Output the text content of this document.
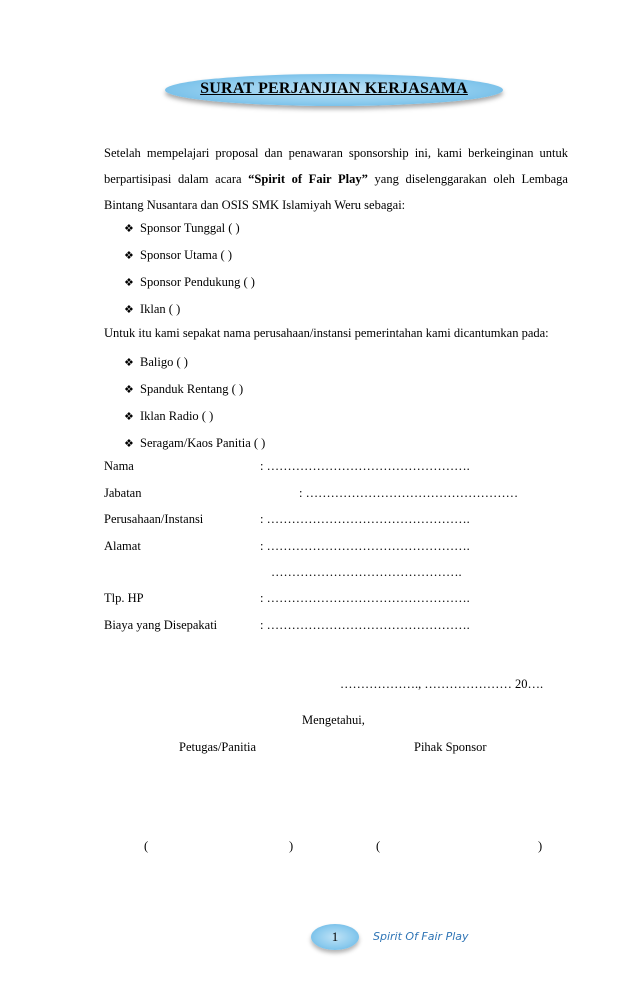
SURAT PERJANJIAN KERJASAMA
Setelah mempelajari proposal dan penawaran sponsorship ini, kami berkeinginan untuk
berpartisipasi dalam acara “Spirit of Fair Play” yang diselenggarakan oleh Lembaga
Bintang Nusantara dan OSIS SMK Islamiyah Weru sebagai:
❖ Sponsor Tunggal ( )
❖ Sponsor Utama ( )
❖ Sponsor Pendukung ( )
❖ Iklan ( )
Untuk itu kami sepakat nama perusahaan/instansi pemerintahan kami dicantumkan pada:
❖ Baligo ( )
❖ Spanduk Rentang ( )
❖ Iklan Radio ( )
❖ Seragam/Kaos Panitia ( )
Nama	: ………………………………………….
Jabatan	: ……………………………………………
Perusahaan/Instansi	: ………………………………………….
Alamat	: ………………………………………….
……………………………………….
Tlp. HP	: ………………………………………….
Biaya yang Disepakati	: ………………………………………….
………………., ………………… 20….
Mengetahui,
Petugas/Panitia	Pihak Sponsor
(	)	(	)
1	Spirit Of Fair Play
